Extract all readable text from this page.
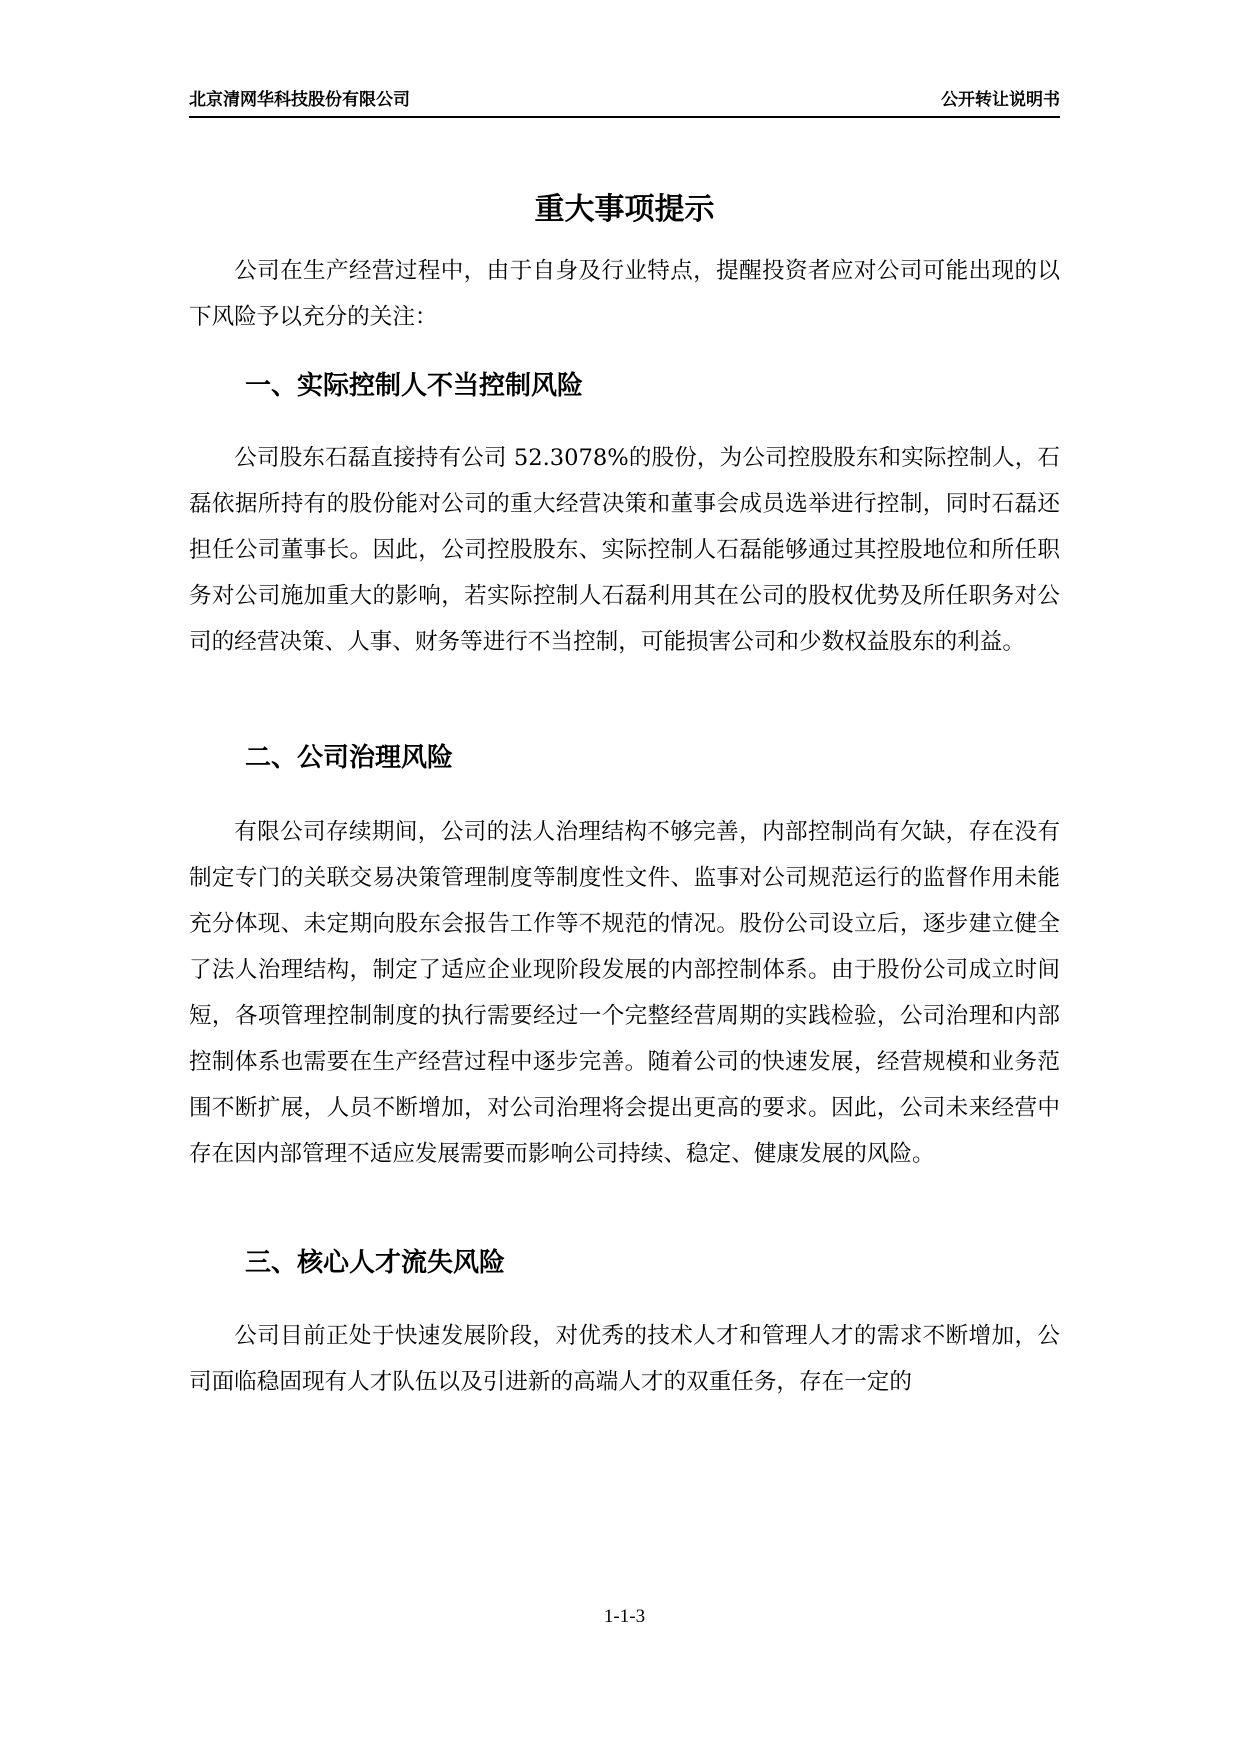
北京清网华科技股份有限公司	公开转让说明书
重大事项提示

公司在生产经营过程中，由于自身及行业特点，提醒投资者应对公司可能出现的以下风险予以充分的关注：

一、实际控制人不当控制风险

公司股东石磊直接持有公司 52.3078%的股份，为公司控股股东和实际控制人，石磊依据所持有的股份能对公司的重大经营决策和董事会成员选举进行控制，同时石磊还担任公司董事长。因此，公司控股股东、实际控制人石磊能够通过其控股地位和所任职务对公司施加重大的影响，若实际控制人石磊利用其在公司的股权优势及所任职务对公司的经营决策、人事、财务等进行不当控制，可能损害公司和少数权益股东的利益。

二、公司治理风险

有限公司存续期间，公司的法人治理结构不够完善，内部控制尚有欠缺，存在没有制定专门的关联交易决策管理制度等制度性文件、监事对公司规范运行的监督作用未能充分体现、未定期向股东会报告工作等不规范的情况。股份公司设立后，逐步建立健全了法人治理结构，制定了适应企业现阶段发展的内部控制体系。由于股份公司成立时间短，各项管理控制制度的执行需要经过一个完整经营周期的实践检验，公司治理和内部控制体系也需要在生产经营过程中逐步完善。随着公司的快速发展，经营规模和业务范围不断扩展，人员不断增加，对公司治理将会提出更高的要求。因此，公司未来经营中存在因内部管理不适应发展需要而影响公司持续、稳定、健康发展的风险。

三、核心人才流失风险

公司目前正处于快速发展阶段，对优秀的技术人才和管理人才的需求不断增加，公司面临稳固现有人才队伍以及引进新的高端人才的双重任务，存在一定的

1-1-3
